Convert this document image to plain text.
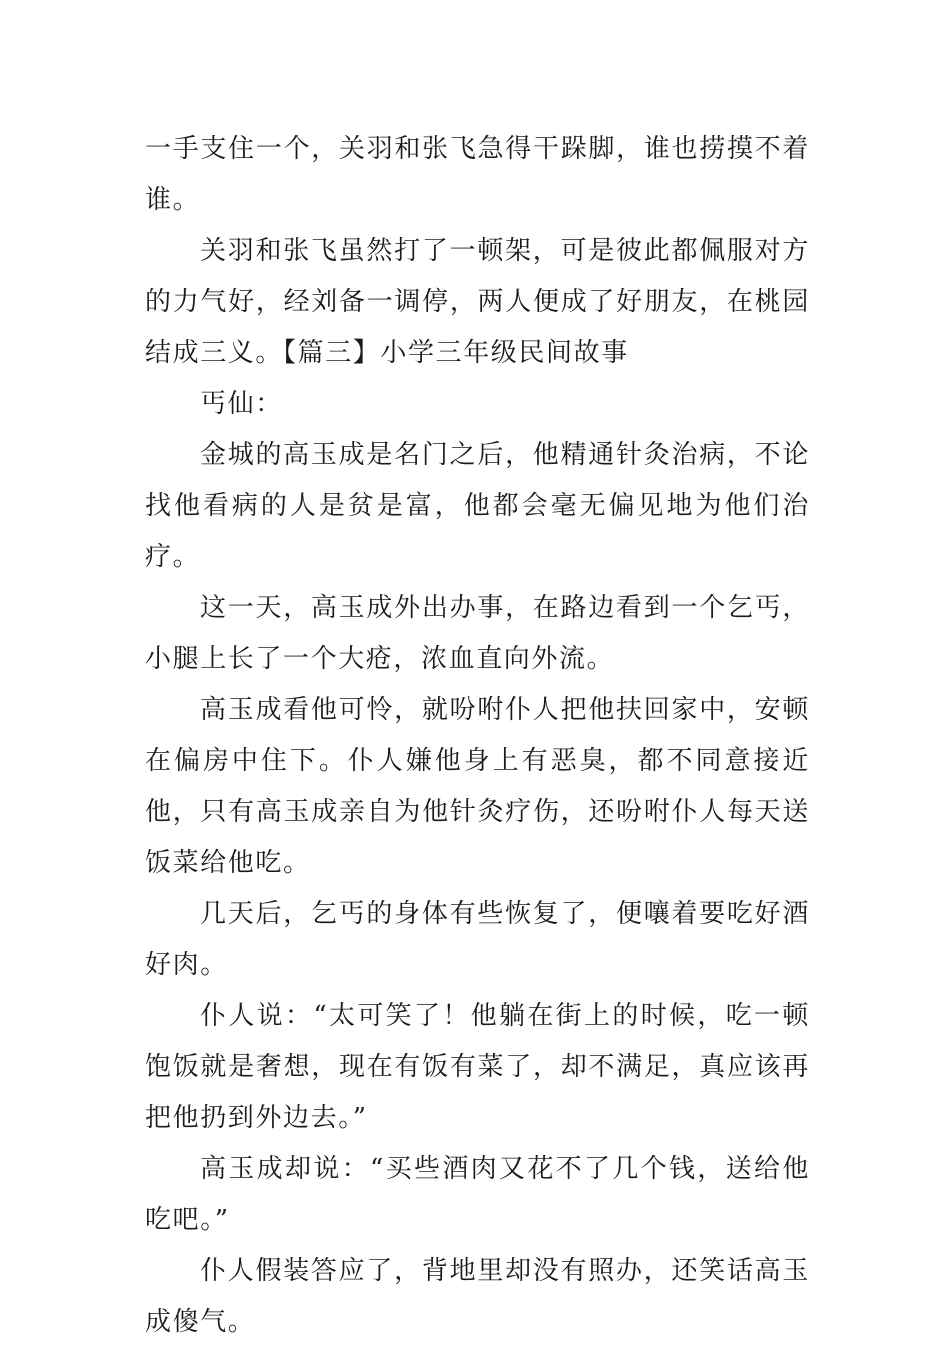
一手支住一个，关羽和张飞急得干跺脚，谁也捞摸不着谁。

关羽和张飞虽然打了一顿架，可是彼此都佩服对方的力气好，经刘备一调停，两人便成了好朋友，在桃园结成三义。【篇三】小学三年级民间故事

丐仙：

金城的高玉成是名门之后，他精通针灸治病，不论找他看病的人是贫是富，他都会毫无偏见地为他们治疗。

这一天，高玉成外出办事，在路边看到一个乞丐，小腿上长了一个大疮，浓血直向外流。

高玉成看他可怜，就吩咐仆人把他扶回家中，安顿在偏房中住下。仆人嫌他身上有恶臭，都不同意接近他，只有高玉成亲自为他针灸疗伤，还吩咐仆人每天送饭菜给他吃。

几天后，乞丐的身体有些恢复了，便嚷着要吃好酒好肉。

仆人说：“太可笑了！他躺在街上的时候，吃一顿饱饭就是奢想，现在有饭有菜了，却不满足，真应该再把他扔到外边去。”

高玉成却说：“买些酒肉又花不了几个钱，送给他吃吧。”

仆人假装答应了，背地里却没有照办，还笑话高玉成傻气。
